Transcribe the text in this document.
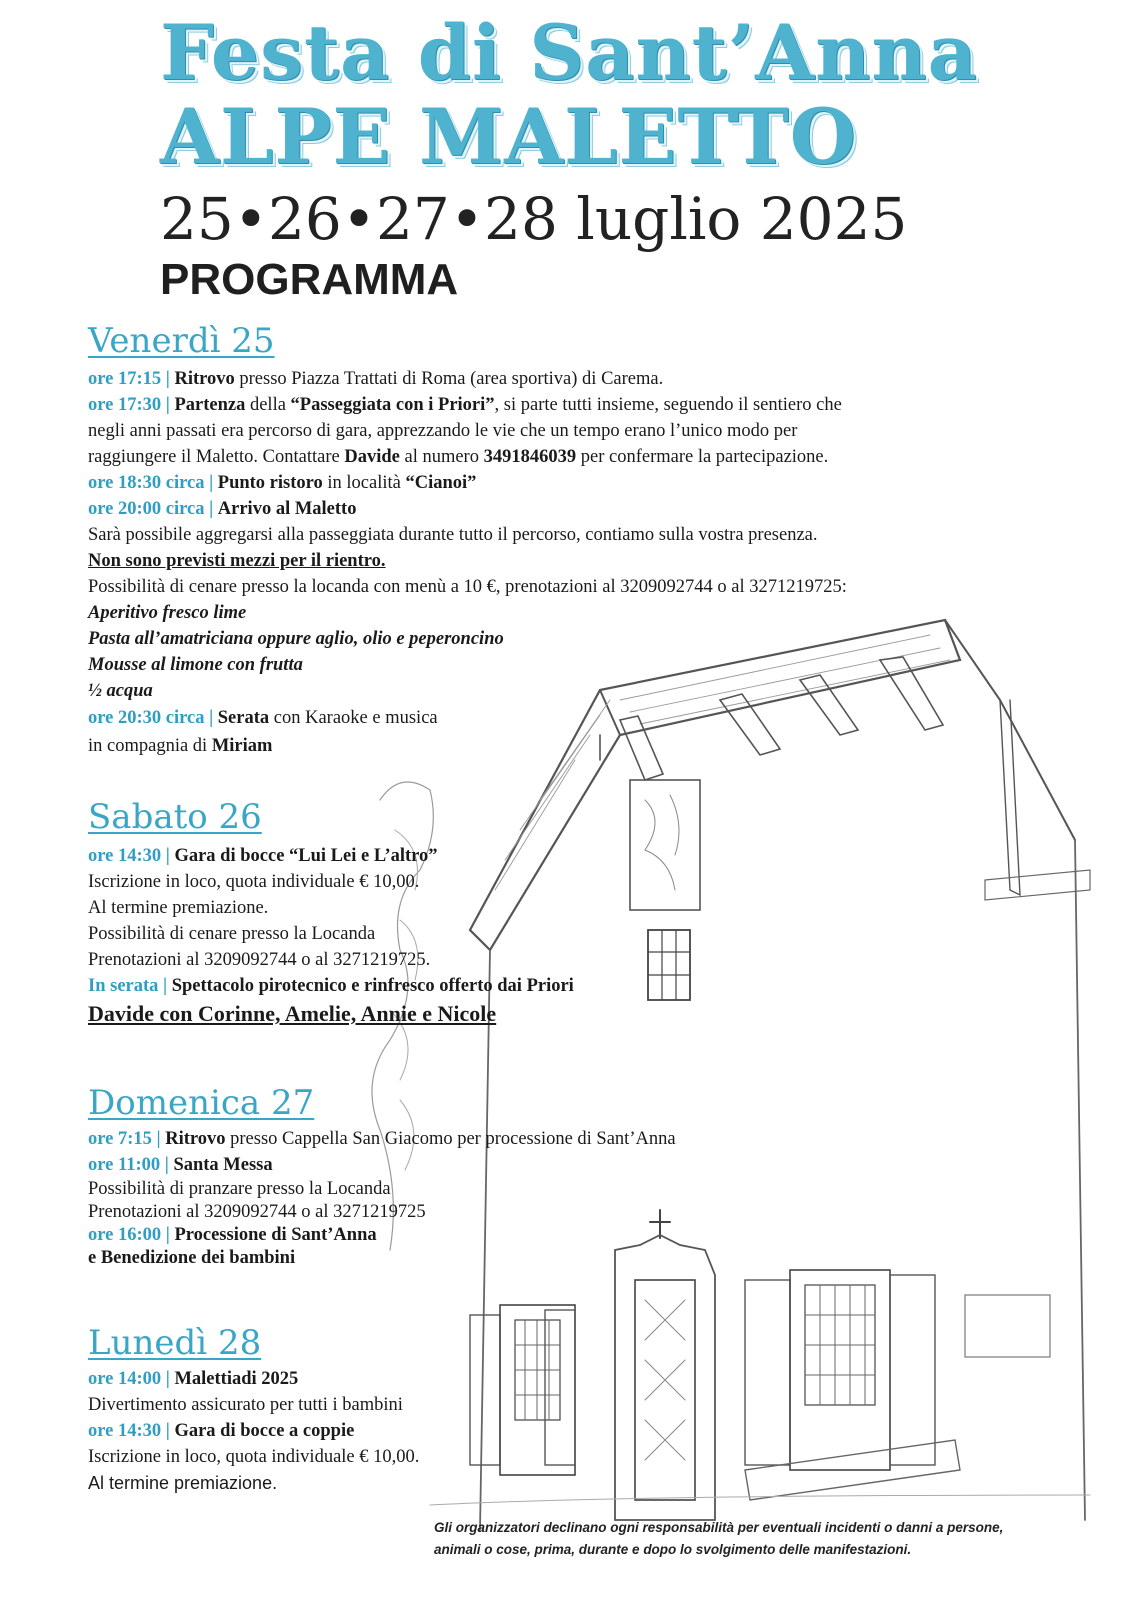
Festa di Sant’Anna
ALPE MALETTO
25•26•27•28 luglio 2025
PROGRAMMA
Venerdì 25
ore 17:15 | Ritrovo presso Piazza Trattati di Roma (area sportiva) di Carema.
ore 17:30 | Partenza della “Passeggiata con i Priori”, si parte tutti insieme, seguendo il sentiero che
negli anni passati era percorso di gara, apprezzando le vie che un tempo erano l’unico modo per
raggiungere il Maletto. Contattare Davide al numero 3491846039 per confermare la partecipazione.
ore 18:30 circa | Punto ristoro in località “Cianoi”
ore 20:00 circa | Arrivo al Maletto
Sarà possibile aggregarsi alla passeggiata durante tutto il percorso, contiamo sulla vostra presenza.
Non sono previsti mezzi per il rientro.
Possibilità di cenare presso la locanda con menù a 10 €, prenotazioni al 3209092744 o al 3271219725:
Aperitivo fresco lime
Pasta all’amatriciana oppure aglio, olio e peperoncino
Mousse al limone con frutta
½ acqua
ore 20:30 circa | Serata con Karaoke e musica
in compagnia di Miriam
Sabato 26
ore 14:30 | Gara di bocce “Lui Lei e L’altro”
Iscrizione in loco, quota individuale € 10,00.
Al termine premiazione.
Possibilità di cenare presso la Locanda
Prenotazioni al 3209092744 o al 3271219725.
In serata | Spettacolo pirotecnico e rinfresco offerto dai Priori
Davide con Corinne, Amelie, Annie e Nicole
Domenica 27
ore 7:15 | Ritrovo presso Cappella San Giacomo per processione di Sant’Anna
ore 11:00 | Santa Messa
Possibilità di pranzare presso la Locanda
Prenotazioni al 3209092744 o al 3271219725
ore 16:00 | Processione di Sant’Anna
e Benedizione dei bambini
Lunedì 28
ore 14:00 | Malettiadi 2025
Divertimento assicurato per tutti i bambini
ore 14:30 | Gara di bocce a coppie
Iscrizione in loco, quota individuale € 10,00.
Al termine premiazione.
Gli organizzatori declinano ogni responsabilità per eventuali incidenti o danni a persone,
animali o cose, prima, durante e dopo lo svolgimento delle manifestazioni.
